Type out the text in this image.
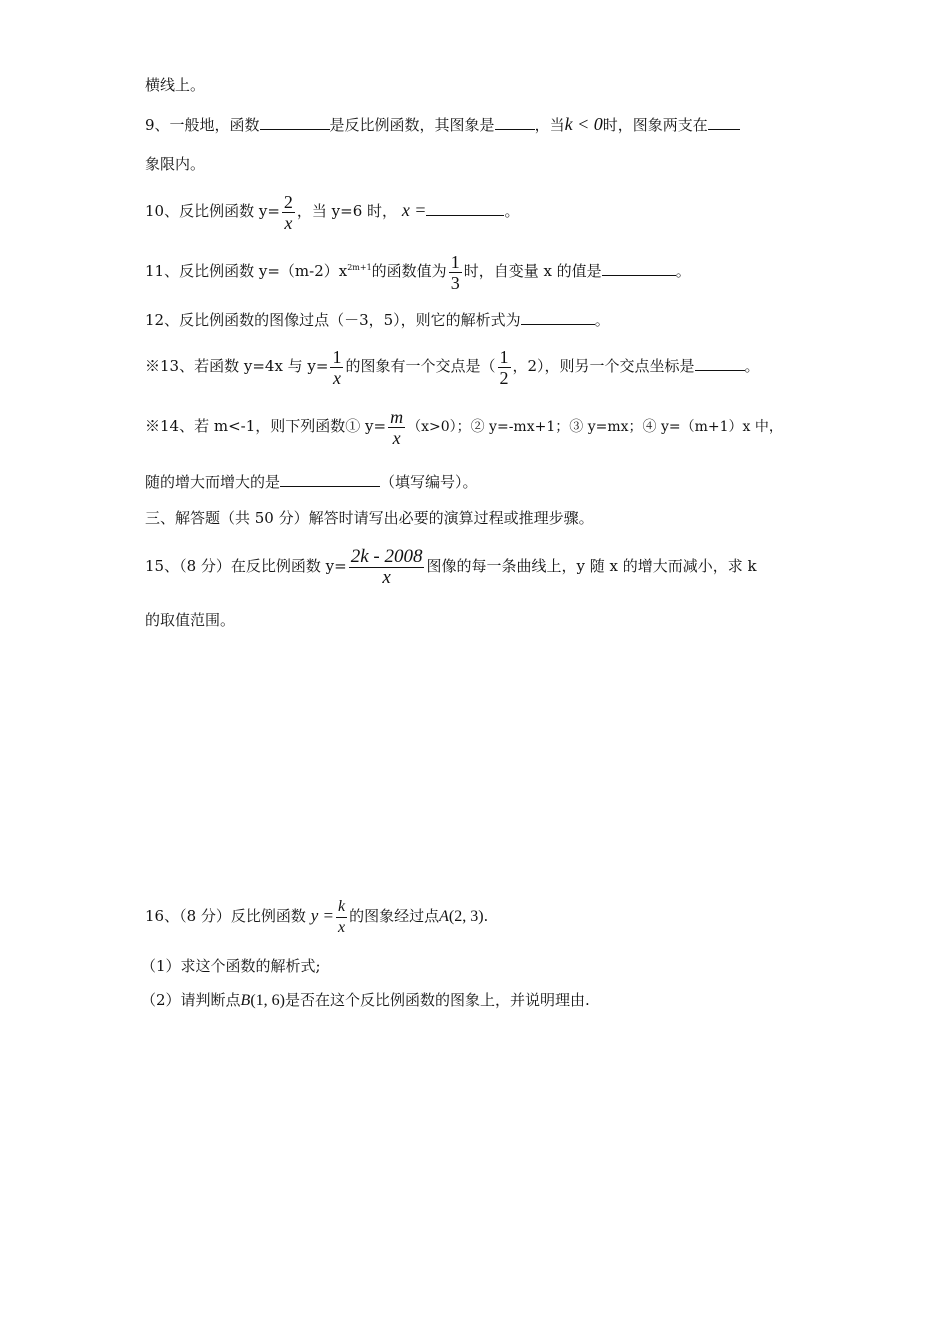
横线上。
9、一般地，函数	是反比例函数，其图象是	，当k < 0时，图象两支在
象限内。
10、反比例函数 $y= \frac{2}{x}$ ，当 y=6 时， x =	。
11、反比例函数 $y=(m-2)x^{2m+1}$的函数值为 $\frac{1}{3}$ 时，自变量 x 的值是	。
12、反比例函数的图像过点（－3，5），则它的解析式为	。
※13、若函数 y=4x 与 $y= \frac{1}{x}$ 的图象有一个交点是（ $\frac{1}{2}$ ，2），则另一个交点坐标是	。
※14、若 m<-1，则下列函数① $y= \frac{m}{x} (x>0)$；② y=-mx+1；③ y=mx；④ y=（m+1）x 中，
随的增大而增大的是	（填写编号）。
三、解答题（共 50 分）解答时请写出必要的演算过程或推理步骤。
15、（8 分）在反比例函数 $y= \frac{2k - 2008}{x}$ 图像的每一条曲线上，y 随 x 的增大而减小，求 k
的取值范围。
16、（8 分）反比例函数 $y = \frac{k}{x}$ 的图象经过点A(2, 3).
（1）求这个函数的解析式;
（2）请判断点B(1, 6)是否在这个反比例函数的图象上，并说明理由.
